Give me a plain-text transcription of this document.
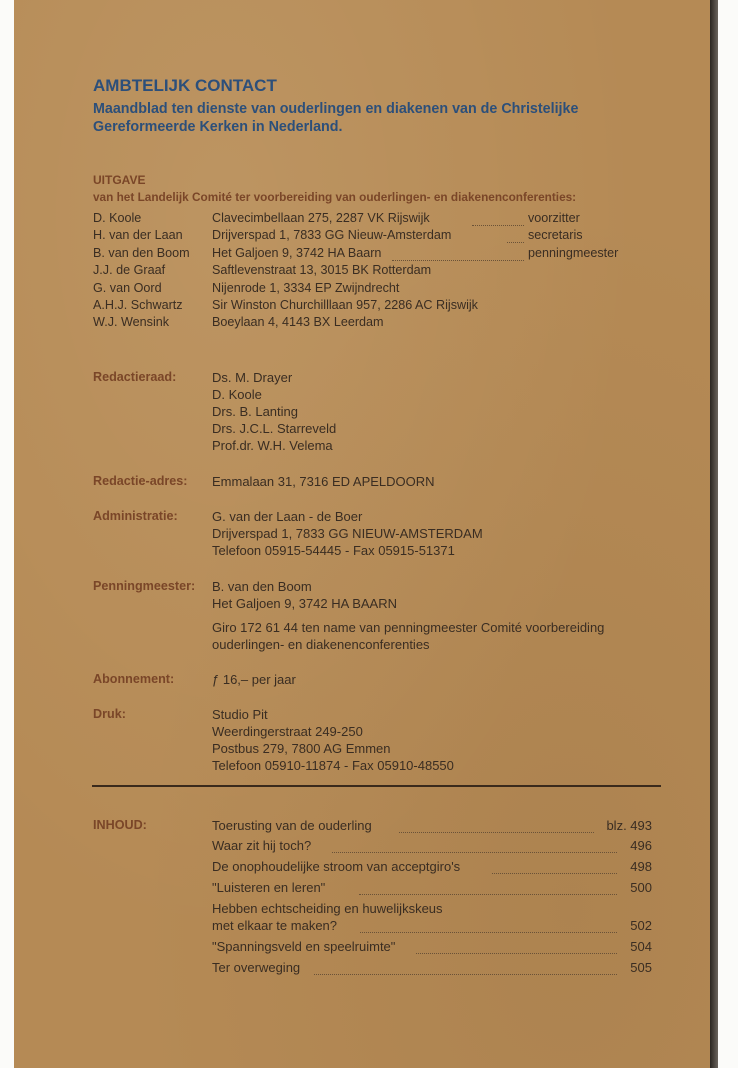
AMBTELIJK CONTACT
Maandblad ten dienste van ouderlingen en diakenen van de Christelijke
Gereformeerde Kerken in Nederland.
UITGAVE
van het Landelijk Comité ter voorbereiding van ouderlingen- en diakenenconferenties:
D. Koole	Clavecimbellaan 275, 2287 VK Rijswijk	voorzitter
H. van der Laan Drijverspad 1, 7833 GG Nieuw-Amsterdam	secretaris
B. van den Boom Het Galjoen 9, 3742 HA Baarn	penningmeester
J.J. de Graaf	Saftlevenstraat 13, 3015 BK Rotterdam
G. van Oord	Nijenrode 1, 3334 EP Zwijndrecht
A.H.J. Schwartz Sir Winston Churchilllaan 957, 2286 AC Rijswijk
W.J. Wensink	Boeylaan 4, 4143 BX Leerdam
Redactieraad:	Ds. M. Drayer
D. Koole
Drs. B. Lanting
Drs. J.C.L. Starreveld
Prof.dr. W.H. Velema
Redactie-adres: Emmalaan 31, 7316 ED APELDOORN
Administratie:	G. van der Laan - de Boer
Drijverspad 1, 7833 GG NIEUW-AMSTERDAM
Telefoon 05915-54445 - Fax 05915-51371
Penningmeester: B. van den Boom
Het Galjoen 9, 3742 HA BAARN
Giro 172 61 44 ten name van penningmeester Comité voorbereiding
ouderlingen- en diakenenconferenties
Abonnement:	ƒ 16,– per jaar
Druk:	Studio Pit
Weerdingerstraat 249-250
Postbus 279, 7800 AG Emmen
Telefoon 05910-11874 - Fax 05910-48550
INHOUD:	Toerusting van de ouderling	blz. 493
Waar zit hij toch?	496
De onophoudelijke stroom van acceptgiro's	498
"Luisteren en leren"	500
Hebben echtscheiding en huwelijkskeus
met elkaar te maken?	502
"Spanningsveld en speelruimte"	504
Ter overweging	505
